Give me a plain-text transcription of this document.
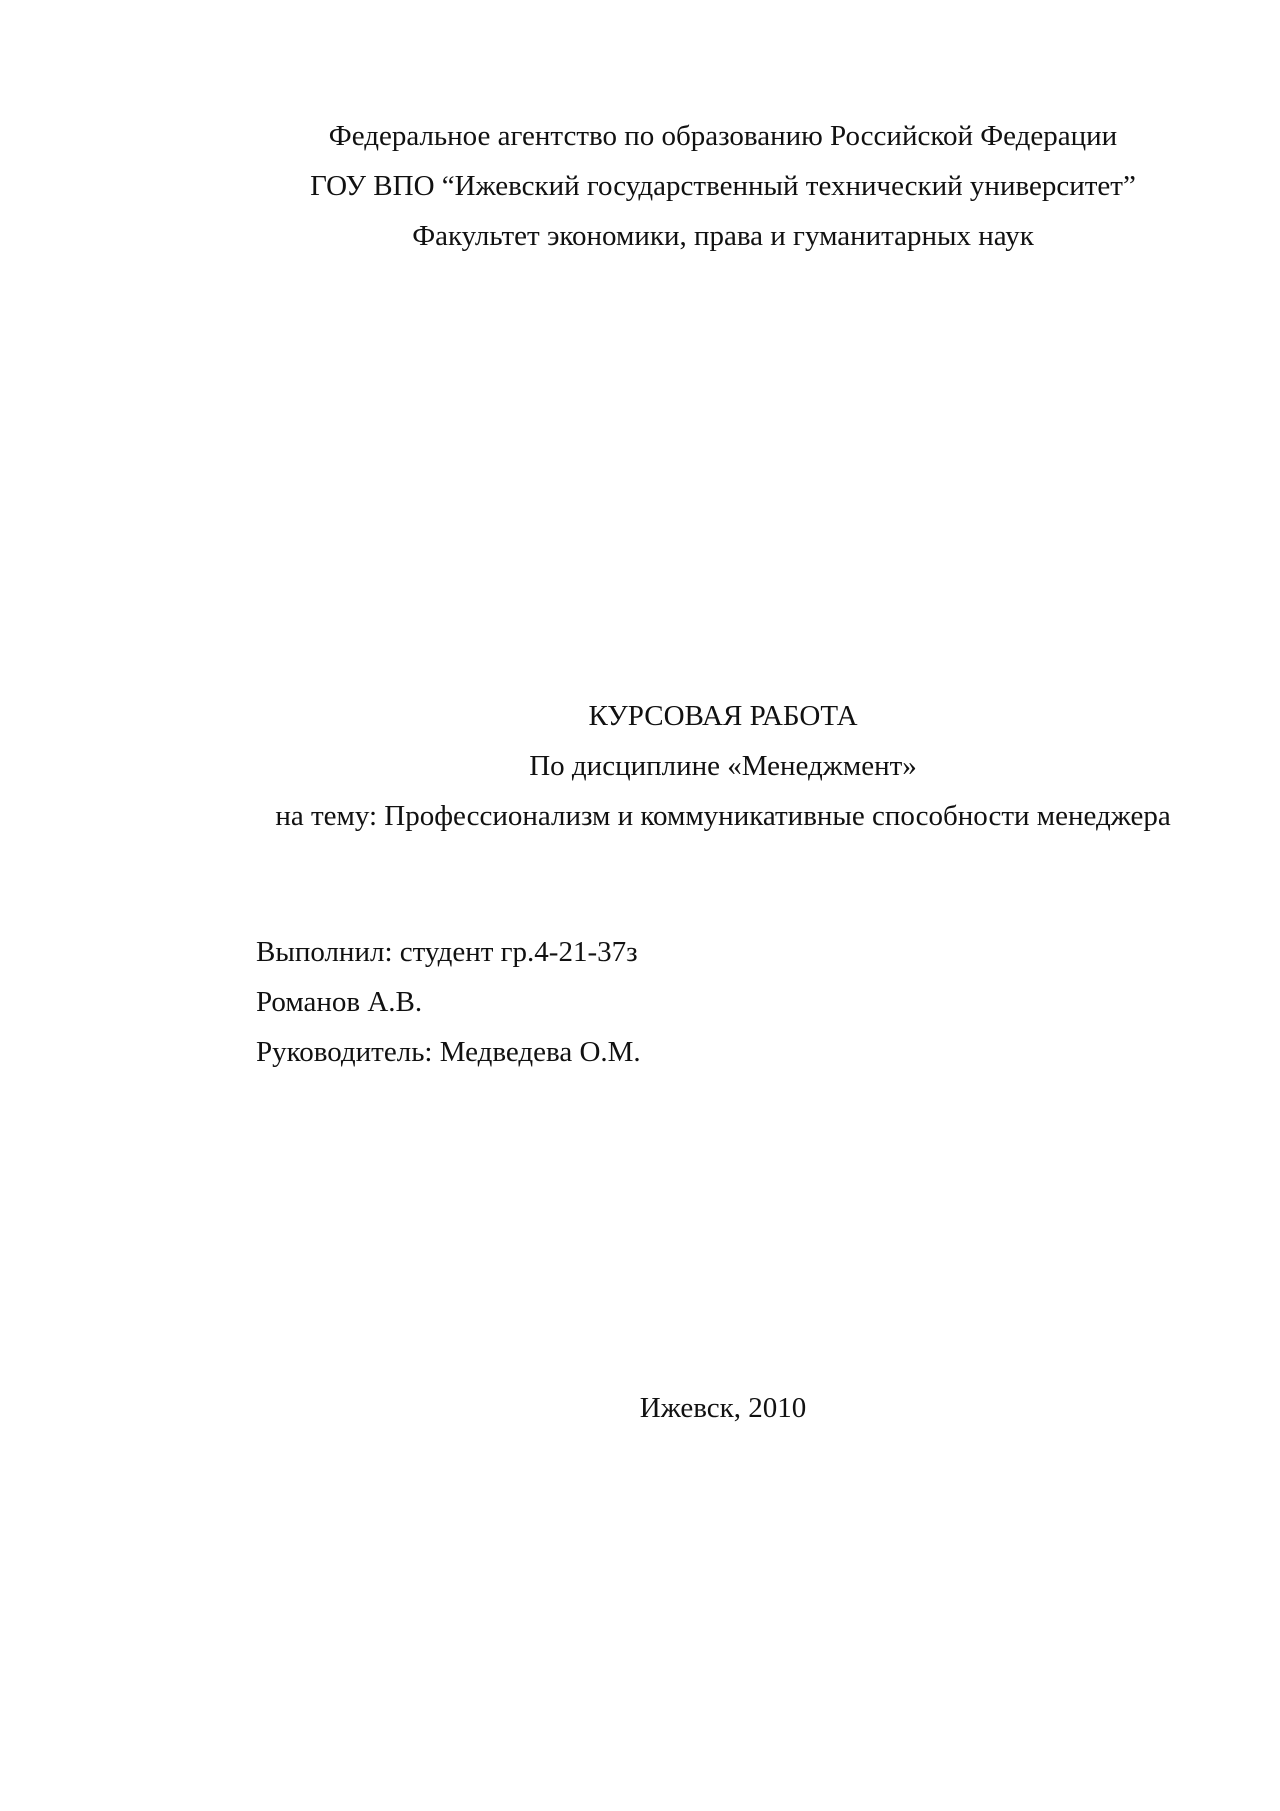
Федеральное агентство по образованию Российской Федерации

ГОУ ВПО “Ижевский государственный технический университет”

Факультет экономики, права и гуманитарных наук

КУРСОВАЯ РАБОТА

По дисциплине «Менеджмент»

на тему: Профессионализм и коммуникативные способности менеджера

Выполнил: студент гр.4-21-37з

Романов А.В.

Руководитель: Медведева О.М.

Ижевск, 2010
